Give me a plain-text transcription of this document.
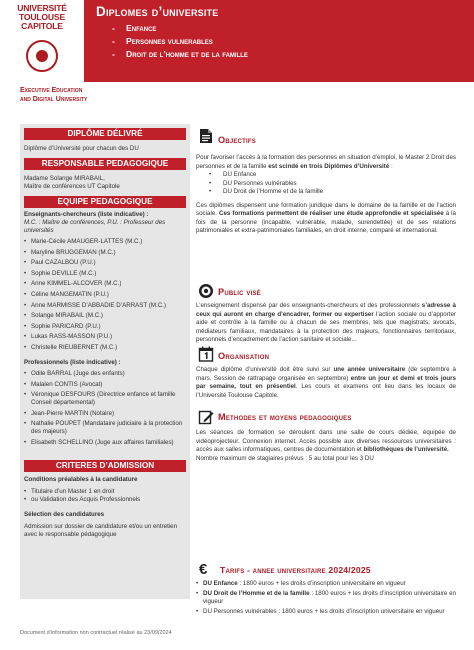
UNIVERSITÉ
TOULOUSE
CAPITOLE
Diplomes d’universite
- Enfance
- Personnes vulnerables
- Droit de l’homme et de la famille
Executive Education
and Digital University
DIPLÔME DÉLIVRÉ
Diplôme d’Université pour chacun des DU
RESPONSABLE PEDAGOGIQUE
Madame Solange MIRABAIL,
Maître de conférences UT Capitole
EQUIPE PEDAGOGIQUE
Enseignants-chercheurs (liste indicative) :
M.C. : Maître de conférences, P.U. : Professeur des universités
• Marie-Cécile AMAUGER-LATTES (M.C.)
• Maryline BRUGGEMAN (M.C.)
• Paul CAZALBOU (P.U.)
• Sophie DEVILLE (M.C.)
• Anne KIMMEL-ALCOVER (M.C.)
• Céline MANGEMATIN (P.U.)
• Anne MARMISSE D’ABBADIE D’ARRAST (M.C.)
• Solange MIRABAIL (M.C.)
• Sophie PARICARD (P.U.)
• Lukas RASS-MASSON (P.U.)
• Christelle RIEUBERNET (M.C.)
Professionnels (liste indicative) :
• Odile BARRAL (Juge des enfants)
• Malalen CONTIS (Avocat)
• Véronique DESFOURS (Directrice enfance et famille Conseil départemental)
• Jean-Pierre MARTIN (Notaire)
• Nathalie POUPET (Mandataire judiciaire à la protection des majeurs)
• Elisabeth SCHELLINO (Juge aux affaires familiales)
CRITERES D’ADMISSION
Conditions préalables à la candidature
• Titulaire d’un Master 1 en droit
• ou Validation des Acquis Professionnels
Sélection des candidatures
Admission sur dossier de candidature et/ou un entretien avec le responsable pédagogique
Objectifs
Pour favoriser l’accès à la formation des personnes en situation d’emploi, le Master 2 Droit des personnes et de la famille est scindé en trois Diplômes d’Université :
• DU Enfance
• DU Personnes vulnérables
• DU Droit de l’Homme et de la famille
Ces diplômes dispensent une formation juridique dans le domaine de la famille et de l’action sociale. Ces formations permettent de réaliser une étude approfondie et spécialisée à la fois de la personne (incapable, vulnérable, malade, surendettée) et de ses relations patrimoniales et extra-patrimoniales familiales, en droit interne, comparé et international.
Public visé
L’enseignement dispensé par des enseignants-chercheurs et des professionnels s’adresse à ceux qui auront en charge d’encadrer, former ou expertiser l’action sociale ou d’apporter aide et contrôle à la famille ou à chacun de ses membres, tels que magistrats, avocats, médiateurs familiaux, mandataires à la protection des majeurs, fonctionnaires territoriaux, personnels d’encadrement de l’action sanitaire et sociale...
Organisation
Chaque diplôme d’université doit être suivi sur une année universitaire (de septembre à mars. Session de rattrapage organisée en septembre) entre un jour et demi et trois jours par semaine, tout en présentiel. Les cours et examens ont lieu dans les locaux de l’Université Toulouse Capitole.
Methodes et moyens pedagogiques
Les séances de formation se déroulent dans une salle de cours dédiée, équipée de vidéoprojecteur. Connexion internet. Accès possible aux diverses ressources universitaires : accès aux salles informatiques, centres de documentation et bibliothèques de l’université.
Nombre maximum de stagiaires prévus : 5 au total pour les 3 DU
€ Tarifs - annee universitaire 2024/2025
• DU Enfance : 1800 euros + les droits d’inscription universitaire en vigueur
• DU Droit de l’Homme et de la famille : 1800 euros + les droits d’inscription universitaire en vigueur
• DU Personnes vulnérables : 1800 euros + les droits d’inscription universitaire en vigueur
Document d’information non contractuel réalisé au 23/09/2024
